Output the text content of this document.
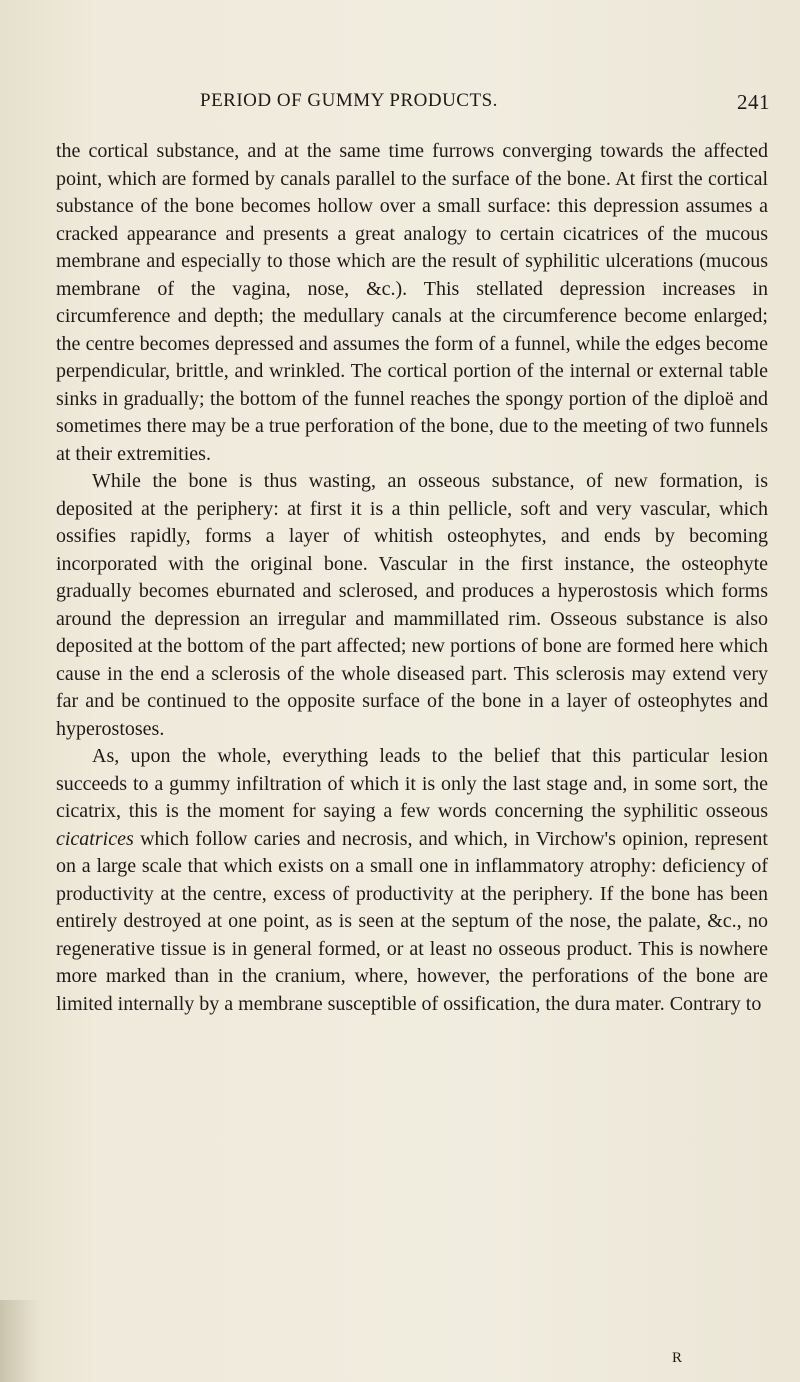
PERIOD OF GUMMY PRODUCTS.	241

the cortical substance, and at the same time furrows converging towards the affected point, which are formed by canals parallel to the surface of the bone. At first the cortical substance of the bone becomes hollow over a small surface: this depression assumes a cracked appearance and presents a great analogy to certain cicatrices of the mucous membrane and especially to those which are the result of syphilitic ulcerations (mucous membrane of the vagina, nose, &c.). This stellated depression increases in circumference and depth; the medullary canals at the circumference become enlarged; the centre becomes depressed and assumes the form of a funnel, while the edges become perpendicular, brittle, and wrinkled. The cortical portion of the internal or external table sinks in gradually; the bottom of the funnel reaches the spongy portion of the diploë and sometimes there may be a true perforation of the bone, due to the meeting of two funnels at their extremities.

While the bone is thus wasting, an osseous substance, of new formation, is deposited at the periphery: at first it is a thin pellicle, soft and very vascular, which ossifies rapidly, forms a layer of whitish osteophytes, and ends by becoming incorporated with the original bone. Vascular in the first instance, the osteophyte gradually becomes eburnated and sclerosed, and produces a hyperostosis which forms around the depression an irregular and mammillated rim. Osseous substance is also deposited at the bottom of the part affected; new portions of bone are formed here which cause in the end a sclerosis of the whole diseased part. This sclerosis may extend very far and be continued to the opposite surface of the bone in a layer of osteophytes and hyperostoses.

As, upon the whole, everything leads to the belief that this particular lesion succeeds to a gummy infiltration of which it is only the last stage and, in some sort, the cicatrix, this is the moment for saying a few words concerning the syphilitic osseous cicatrices which follow caries and necrosis, and which, in Virchow's opinion, represent on a large scale that which exists on a small one in inflammatory atrophy: deficiency of productivity at the centre, excess of productivity at the periphery. If the bone has been entirely destroyed at one point, as is seen at the septum of the nose, the palate, &c., no regenerative tissue is in general formed, or at least no osseous product. This is nowhere more marked than in the cranium, where, however, the perforations of the bone are limited internally by a membrane susceptible of ossification, the dura mater. Contrary to

R
